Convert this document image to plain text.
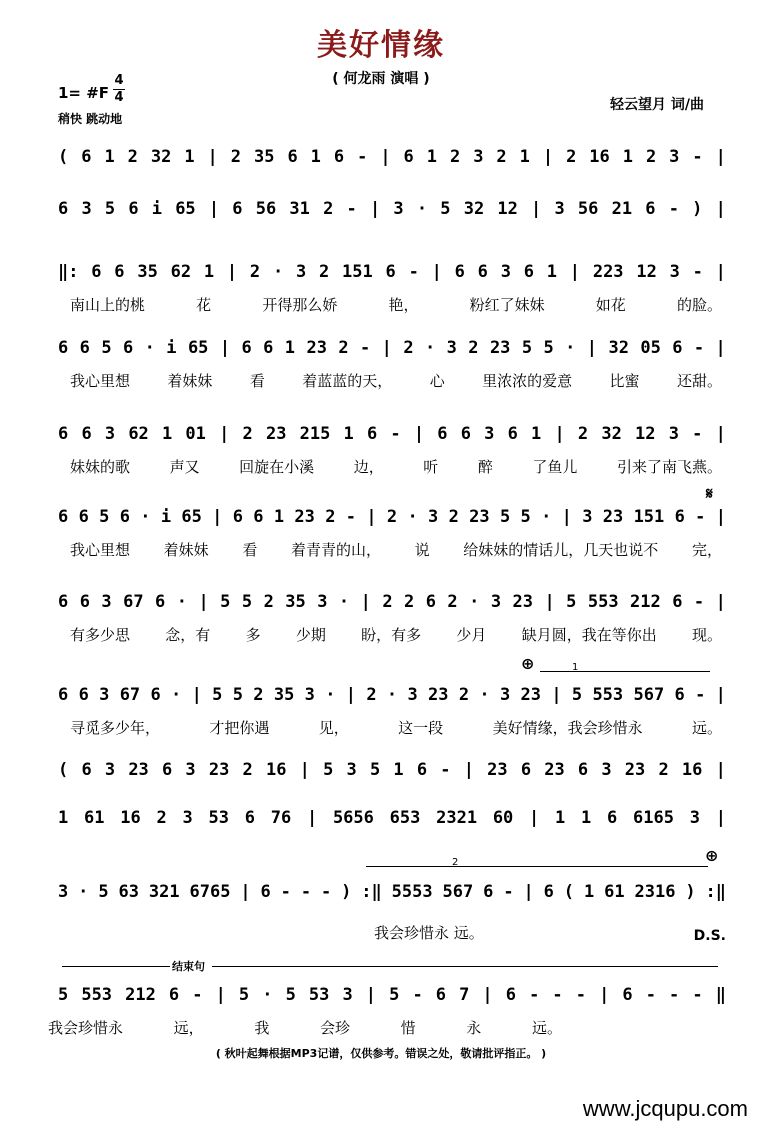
美好情缘
( 何龙雨 演唱 )
1= #F
4
4
稍快 跳动地
轻云望月 词/曲
( 6 1 2 32 1 | 2 35 6 1 6 - | 6 1 2 3 2 1 | 2 16 1 2 3 - |
6 3 5 6 i 65 | 6 56 31 2 - | 3 · 5 32 12 | 3 56 21 6 - ) |
‖: 6 6 35 62 1 | 2 · 3 2 151 6 - | 6 6 3 6 1 | 223 12 3 - |
南山上的桃	花	开得那么娇	艳，	粉红了妹妹	如花	的脸。
6 6 5 6 · i 65 | 6 6 1 23 2 - | 2 · 3 2 23 5 5 · | 32 05 6 - |
我心里想 着妹妹 看 着蓝蓝的天， 心 里浓浓的爱意 比蜜 还甜。
6 6 3 62 1 01 | 2 23 215 1 6 - | 6 6 3 6 1 | 2 32 12 3 - |
妹妹的歌	声又	回旋在小溪	边，	听	醉	了鱼儿	引来了南飞燕。
𝄋
6 6 5 6 · i 65 | 6 6 1 23 2 - | 2 · 3 2 23 5 5 · | 3 23 151 6 - |
我心里想 着妹妹 看 着青青的山， 说 给妹妹的情话儿，几天也说不 完，
6 6 3 67 6 · | 5 5 2 35 3 · | 2 2 6 2 · 3 23 | 5 553 212 6 - |
有多少思 念，有 多 少期 盼，有多 少月 缺月圆，我在等你出 现。
⊕	1
6 6 3 67 6 · | 5 5 2 35 3 · | 2 · 3 23 2 · 3 23 | 5 553 567 6 - |
寻觅多少年，	才把你遇	见，	这一段	美好情缘，我会珍惜永	远。
( 6 3 23 6 3 23 2 16 | 5 3 5 1 6 - | 23 6 23 6 3 23 2 16 |
1 61 16 2 3 53 6 76 | 5656 653 2321 60 | 1 1 6 6165 3 |
2	⊕
3 · 5 63 321 6765 | 6 - - - ) :‖ 5553 567 6 - | 6 ( 1 61 2316 ) :‖
我会珍惜永 远。	D.S.
结束句
5 553 212 6 - | 5 · 5 53 3 | 5 - 6 7 | 6 - - - | 6 - - - ‖
我会珍惜永	远，	我	会珍	惜	永	远。
( 秋叶起舞根据MP3记谱，仅供参考。错误之处，敬请批评指正。 )
www.jcqupu.com
